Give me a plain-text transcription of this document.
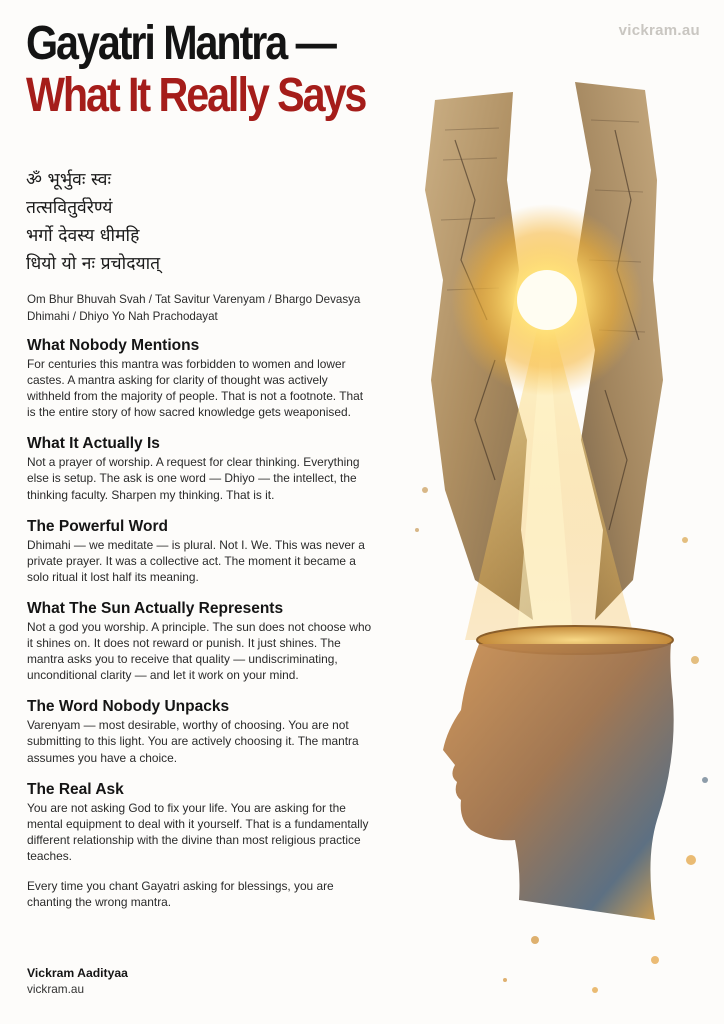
vickram.au
Gayatri Mantra —
What It Really Says
ॐ भूर्भुवः स्वः
तत्सवितुर्वरेण्यं
भर्गो देवस्य धीमहि
धियो यो नः प्रचोदयात्
Om Bhur Bhuvah Svah / Tat Savitur Varenyam / Bhargo Devasya Dhimahi / Dhiyo Yo Nah Prachodayat
What Nobody Mentions

For centuries this mantra was forbidden to women and lower castes. A mantra asking for clarity of thought was actively withheld from the majority of people. That is not a footnote. That is the entire story of how sacred knowledge gets weaponised.

What It Actually Is

Not a prayer of worship. A request for clear thinking. Everything else is setup. The ask is one word — Dhiyo — the intellect, the thinking faculty. Sharpen my thinking. That is it.

The Powerful Word

Dhimahi — we meditate — is plural. Not I. We. This was never a private prayer. It was a collective act. The moment it became a solo ritual it lost half its meaning.

What The Sun Actually Represents

Not a god you worship. A principle. The sun does not choose who it shines on. It does not reward or punish. It just shines. The mantra asks you to receive that quality — undiscriminating, unconditional clarity — and let it work on your mind.

The Word Nobody Unpacks

Varenyam — most desirable, worthy of choosing. You are not submitting to this light. You are actively choosing it. The mantra assumes you have a choice.

The Real Ask

You are not asking God to fix your life. You are asking for the mental equipment to deal with it yourself. That is a fundamentally different relationship with the divine than most religious practice teaches.

Every time you chant Gayatri asking for blessings, you are chanting the wrong mantra.

Vickram Aadityaa
vickram.au
